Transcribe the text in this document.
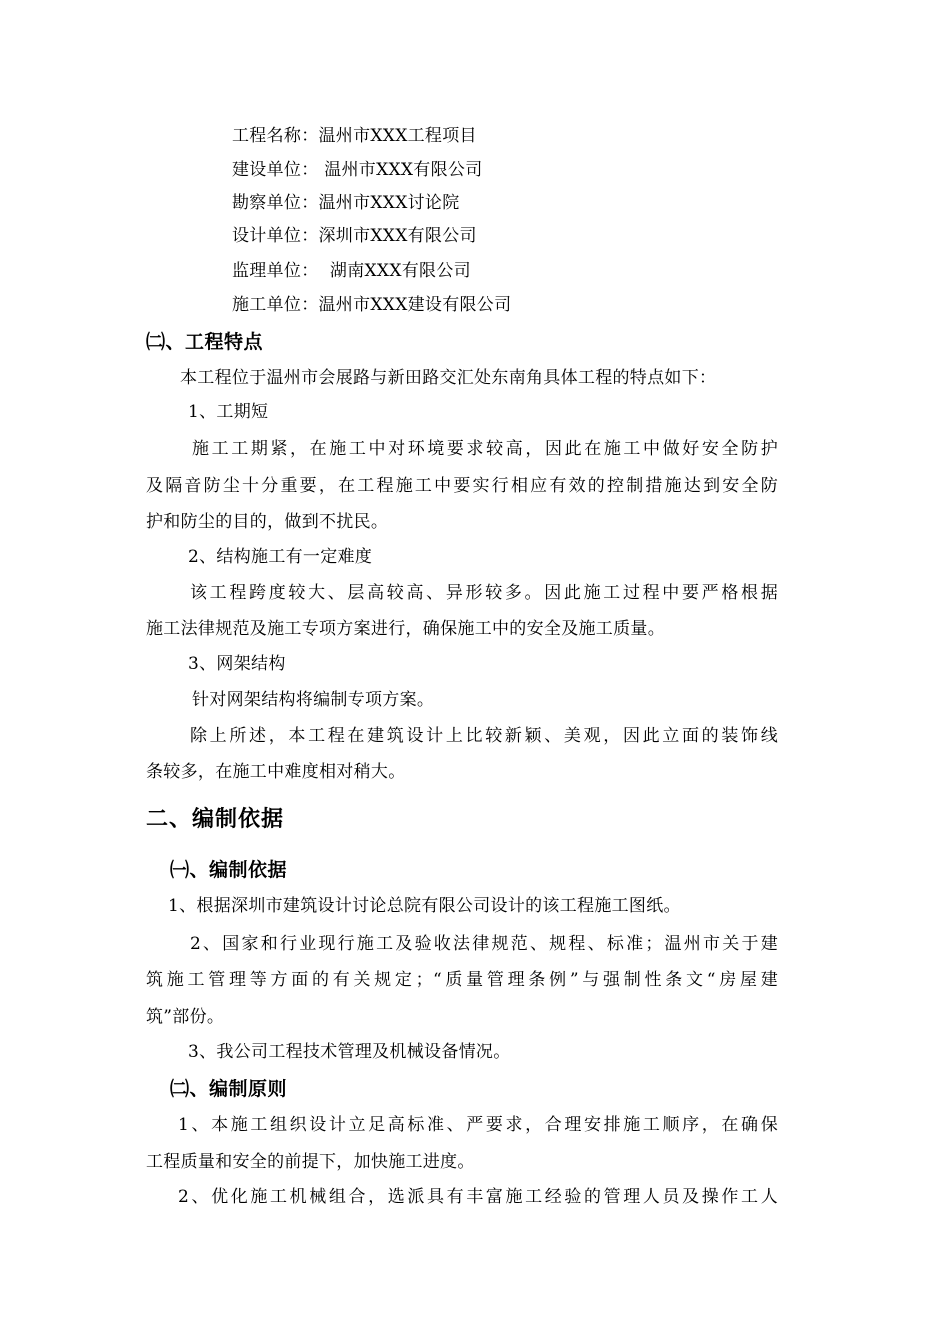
工程名称：温州市XXX工程项目
建设单位： 温州市XXX有限公司
勘察单位：温州市XXX讨论院
设计单位：深圳市XXX有限公司
监理单位：  湖南XXX有限公司
施工单位：温州市XXX建设有限公司
㈡、工程特点
本工程位于温州市会展路与新田路交汇处东南角具体工程的特点如下：
1、工期短
施工工期紧，在施工中对环境要求较高，因此在施工中做好安全防护
及隔音防尘十分重要，在工程施工中要实行相应有效的控制措施达到安全防
护和防尘的目的，做到不扰民。
2、结构施工有一定难度
该工程跨度较大、层高较高、异形较多。因此施工过程中要严格根据
施工法律规范及施工专项方案进行，确保施工中的安全及施工质量。
3、网架结构
针对网架结构将编制专项方案。
除上所述，本工程在建筑设计上比较新颖、美观，因此立面的装饰线
条较多，在施工中难度相对稍大。
二、编制依据
㈠、编制依据
1、根据深圳市建筑设计讨论总院有限公司设计的该工程施工图纸。
2、国家和行业现行施工及验收法律规范、规程、标准；温州市关于建
筑施工管理等方面的有关规定；“质量管理条例”与强制性条文“房屋建
筑”部份。
3、我公司工程技术管理及机械设备情况。
㈡、编制原则
1、本施工组织设计立足高标准、严要求，合理安排施工顺序，在确保
工程质量和安全的前提下，加快施工进度。
2、优化施工机械组合，选派具有丰富施工经验的管理人员及操作工人
